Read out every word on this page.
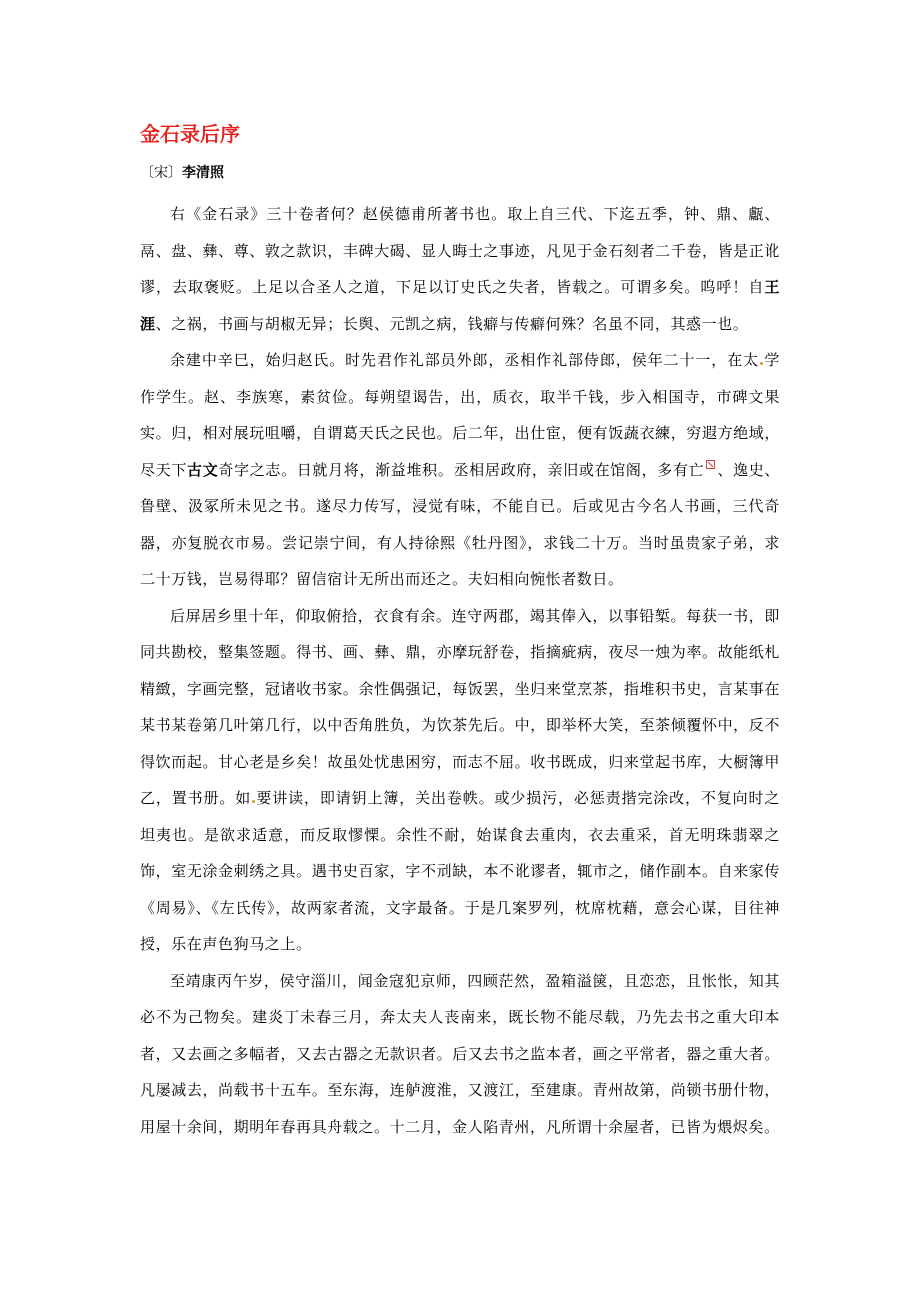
金石录后序
〔宋〕李清照

右《金石录》三十卷者何？赵侯德甫所著书也。取上自三代、下迄五季，钟、鼎、甗、鬲、盘、彝、尊、敦之款识，丰碑大碣、显人晦士之事迹，凡见于金石刻者二千卷，皆是正讹谬，去取褒贬。上足以合圣人之道，下足以订史氏之失者，皆载之。可谓多矣。呜呼！自王涯、之祸，书画与胡椒无异；长舆、元凯之病，钱癖与传癖何殊？名虽不同，其惑一也。

余建中辛巳，始归赵氏。时先君作礼部员外郎，丞相作礼部侍郎，侯年二十一，在太 学作学生。赵、李族寒，素贫俭。每朔望谒告，出，质衣，取半千钱，步入相国寺，市碑文果实。归，相对展玩咀嚼，自谓葛天氏之民也。后二年，出仕宦，便有饭蔬衣練，穷遐方绝域，尽天下古文奇字之志。日就月将，渐益堆积。丞相居政府，亲旧或在馆阁，多有亡 、逸史、鲁壁、汲冢所未见之书。遂尽力传写，浸觉有味，不能自已。后或见古今名人书画，三代奇器，亦复脱衣市易。尝记崇宁间，有人持徐熙《牡丹图》，求钱二十万。当时虽贵家子弟，求二十万钱，岂易得耶？留信宿计无所出而还之。夫妇相向惋怅者数日。

后屏居乡里十年，仰取俯拾，衣食有余。连守两郡，竭其俸入，以事铅椠。每获一书，即同共勘校，整集签题。得书、画、彝、鼎，亦摩玩舒卷，指摘疵病，夜尽一烛为率。故能纸札精緻，字画完整，冠诸收书家。余性偶强记，每饭罢，坐归来堂烹茶，指堆积书史，言某事在某书某卷第几叶第几行，以中否角胜负，为饮茶先后。中，即举杯大笑，至茶倾覆怀中，反不得饮而起。甘心老是乡矣！故虽处忧患困穷，而志不屈。收书既成，归来堂起书库，大橱簿甲乙，置书册。如 要讲读，即请钥上簿，关出卷帙。或少损污，必惩责揩完涂改，不复向时之坦夷也。是欲求适意，而反取憀慄。余性不耐，始谋食去重肉，衣去重采，首无明珠翡翠之饰，室无涂金刺绣之具。遇书史百家，字不刓缺，本不讹谬者，辄市之，储作副本。自来家传《周易》、《左氏传》，故两家者流，文字最备。于是几案罗列，枕席枕藉，意会心谋，目往神授，乐在声色狗马之上。

至靖康丙午岁，侯守淄川，闻金寇犯京师，四顾茫然，盈箱溢箧，且恋恋，且怅怅，知其必不为己物矣。建炎丁未春三月，奔太夫人丧南来，既长物不能尽载，乃先去书之重大印本者，又去画之多幅者，又去古器之无款识者。后又去书之监本者，画之平常者，器之重大者。凡屡减去，尚载书十五车。至东海，连舻渡淮，又渡江，至建康。青州故第，尚锁书册什物，用屋十余间，期明年春再具舟载之。十二月，金人陷青州，凡所谓十余屋者，已皆为煨烬矣。
